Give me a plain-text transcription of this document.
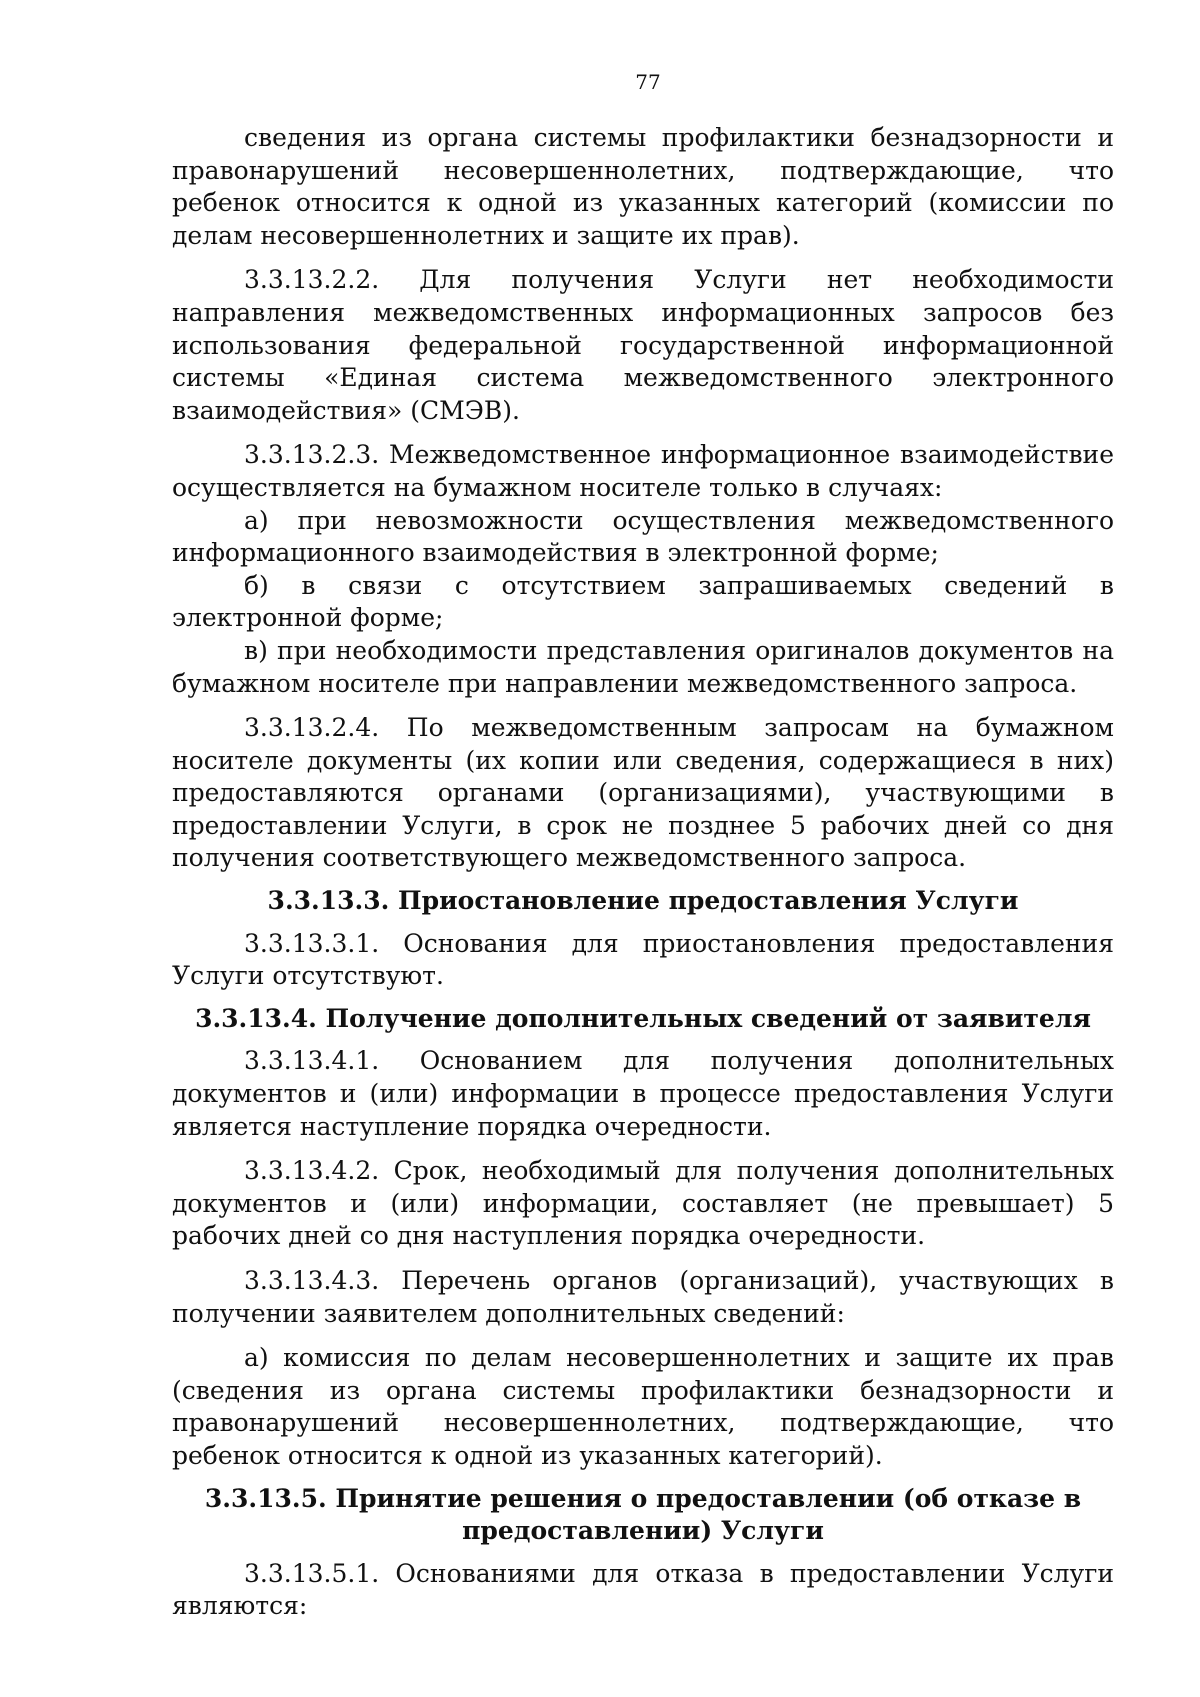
77

сведения из органа системы профилактики безнадзорности и правонарушений несовершеннолетних, подтверждающие, что ребенок относится к одной из указанных категорий (комиссии по делам несовершеннолетних и защите их прав).

3.3.13.2.2. Для получения Услуги нет необходимости направления межведомственных информационных запросов без использования федеральной государственной информационной системы «Единая система межведомственного электронного взаимодействия» (СМЭВ).

3.3.13.2.3. Межведомственное информационное взаимодействие осуществляется на бумажном носителе только в случаях:

а) при невозможности осуществления межведомственного информационного взаимодействия в электронной форме;

б) в связи с отсутствием запрашиваемых сведений в электронной форме;

в) при необходимости представления оригиналов документов на бумажном носителе при направлении межведомственного запроса.

3.3.13.2.4. По межведомственным запросам на бумажном носителе документы (их копии или сведения, содержащиеся в них) предоставляются органами (организациями), участвующими в предоставлении Услуги, в срок не позднее 5 рабочих дней со дня получения соответствующего межведомственного запроса.

3.3.13.3. Приостановление предоставления Услуги

3.3.13.3.1. Основания для приостановления предоставления Услуги отсутствуют.

3.3.13.4. Получение дополнительных сведений от заявителя

3.3.13.4.1. Основанием для получения дополнительных документов и (или) информации в процессе предоставления Услуги является наступление порядка очередности.

3.3.13.4.2. Срок, необходимый для получения дополнительных документов и (или) информации, составляет (не превышает) 5 рабочих дней со дня наступления порядка очередности.

3.3.13.4.3. Перечень органов (организаций), участвующих в получении заявителем дополнительных сведений:

а) комиссия по делам несовершеннолетних и защите их прав (сведения из органа системы профилактики безнадзорности и правонарушений несовершеннолетних, подтверждающие, что ребенок относится к одной из указанных категорий).

3.3.13.5. Принятие решения о предоставлении (об отказе в предоставлении) Услуги

3.3.13.5.1. Основаниями для отказа в предоставлении Услуги являются:
